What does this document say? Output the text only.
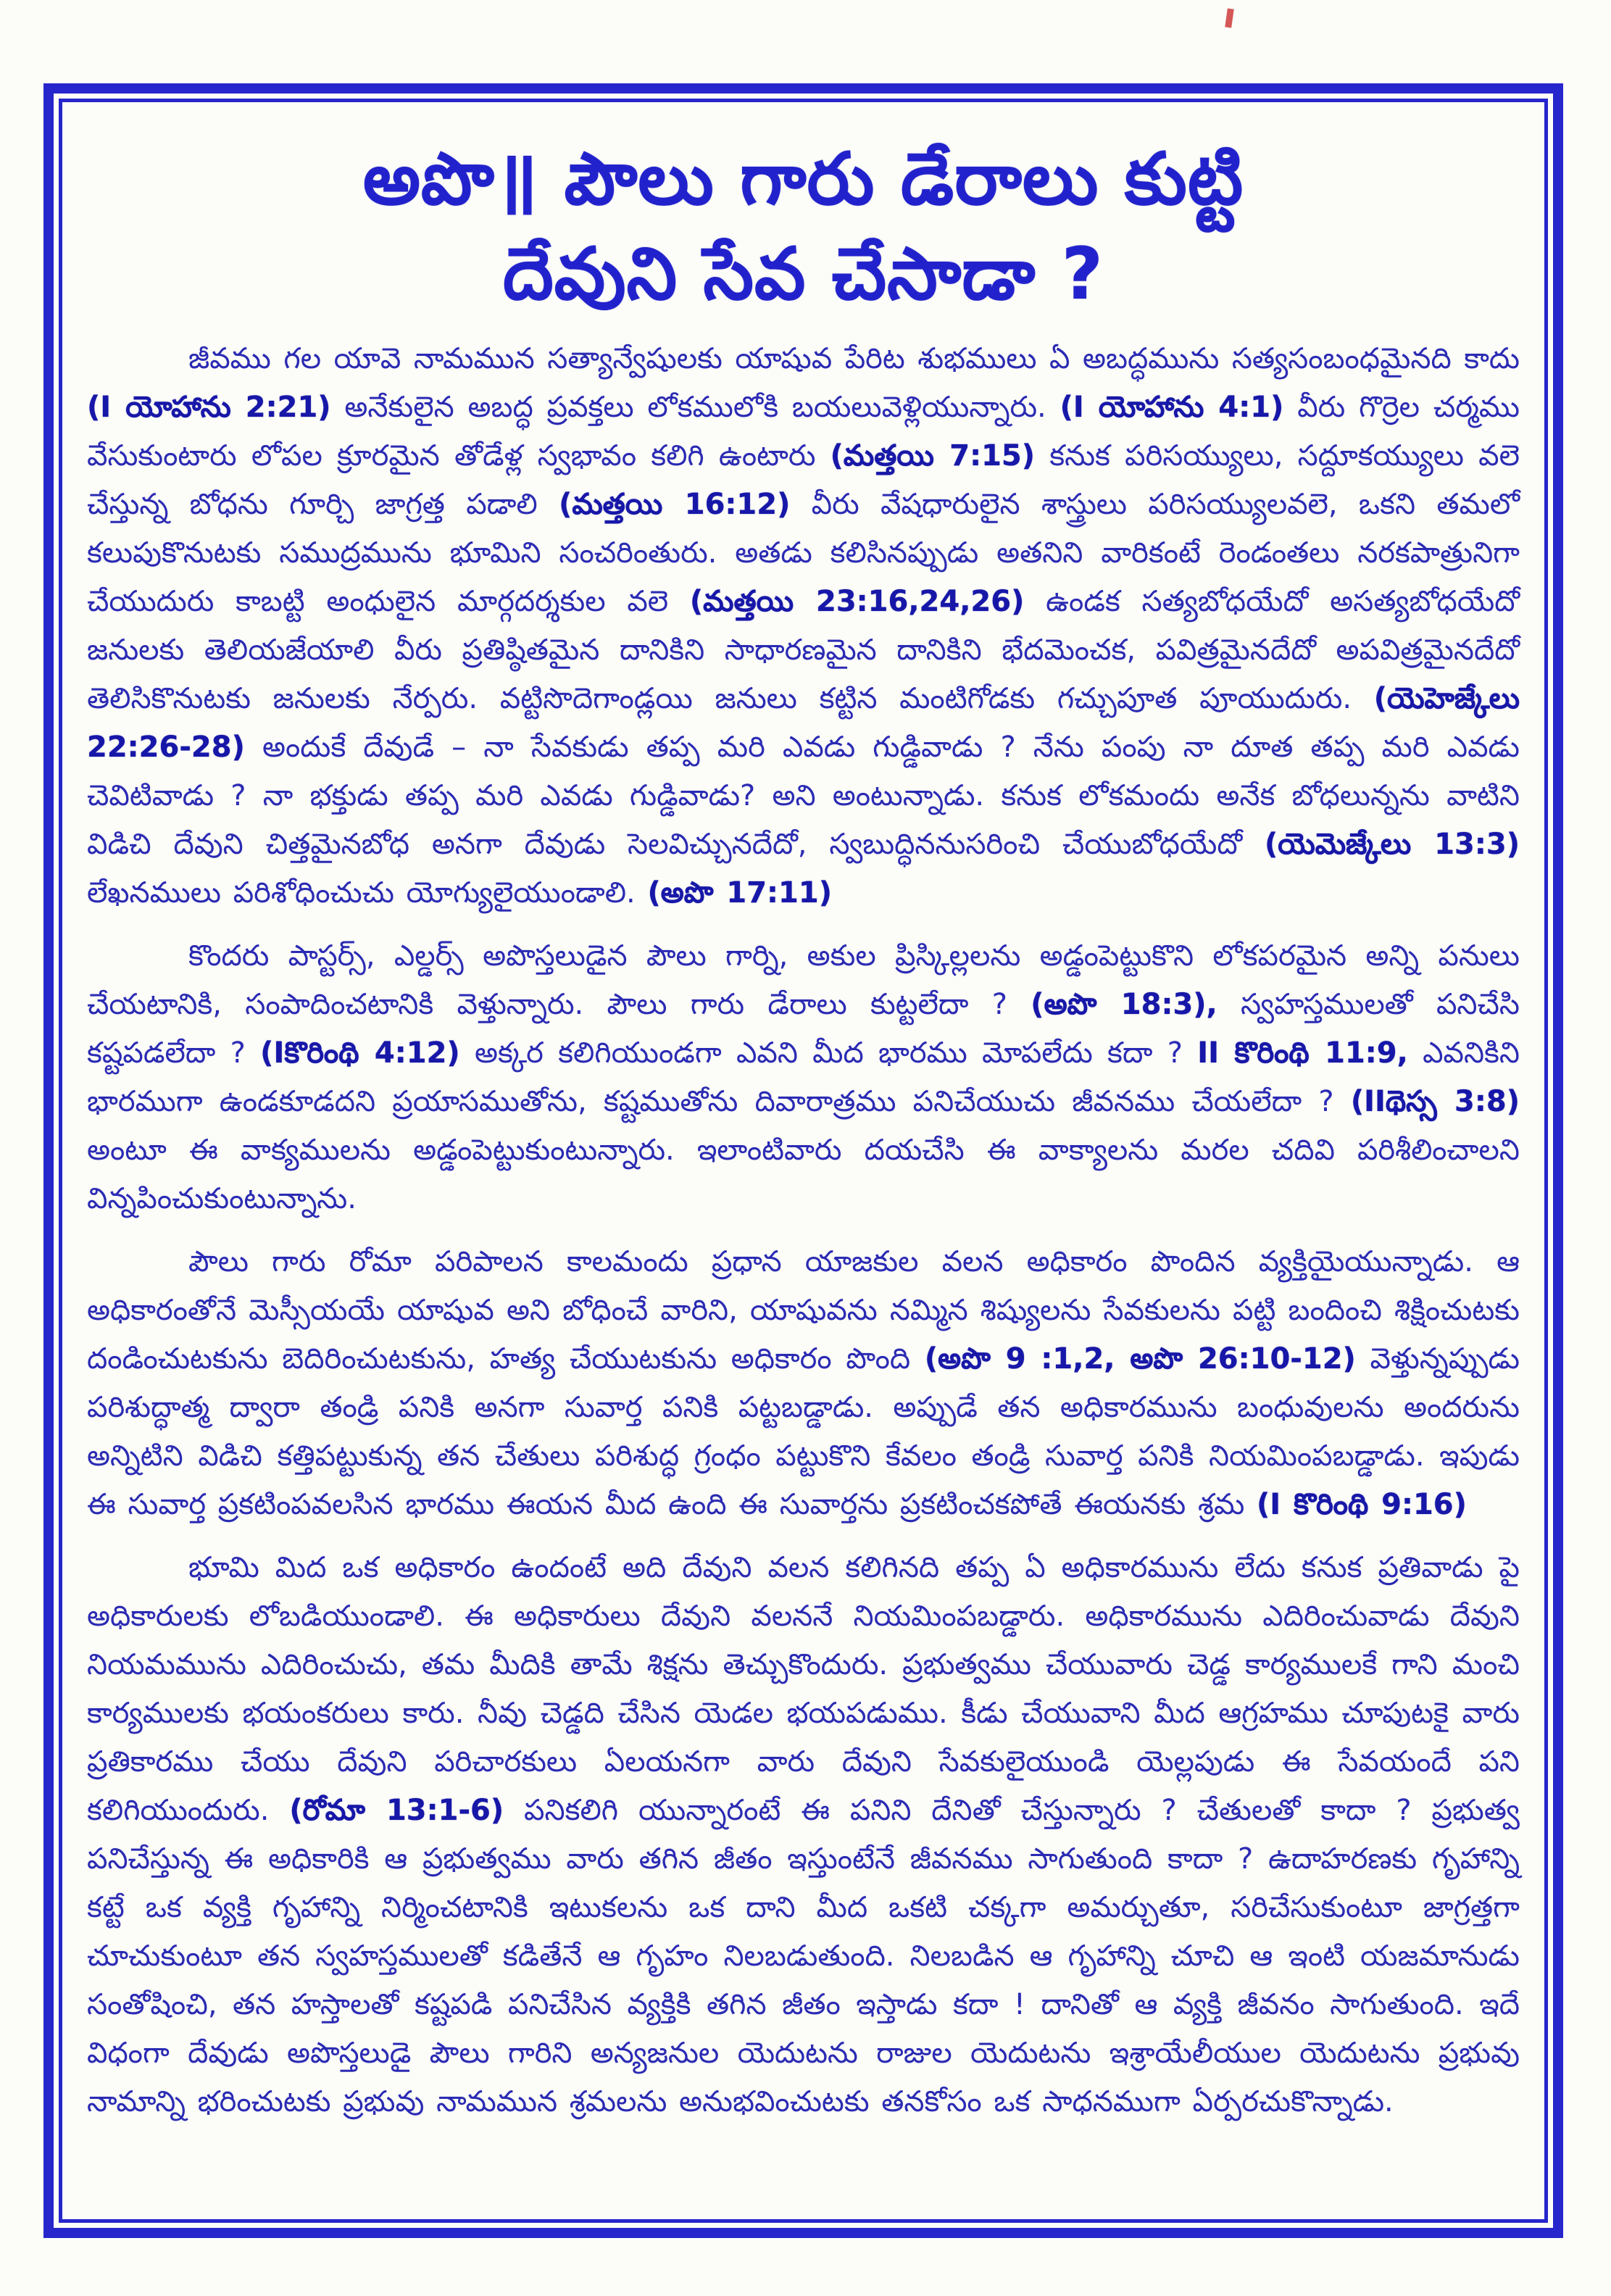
అపొ॥ పౌలు గారు డేరాలు కుట్టి
దేవుని సేవ చేసాడా ?

జీవము గల యావె నామమున సత్యాన్వేషులకు యాషువ పేరిట శుభములు ఏ అబద్ధమును సత్యసంబంధమైనది కాదు (I యోహాను 2:21) అనేకులైన అబద్ధ ప్రవక్తలు లోకములోకి బయలువెళ్లియున్నారు. (I యోహాను 4:1) వీరు గొర్రెల చర్మము వేసుకుంటారు లోపల క్రూరమైన తోడేళ్ల స్వభావం కలిగి ఉంటారు (మత్తయి 7:15) కనుక పరిసయ్యులు, సద్దూకయ్యులు వలె చేస్తున్న బోధను గూర్చి జాగ్రత్త పడాలి (మత్తయి 16:12) వీరు వేషధారులైన శాస్త్రులు పరిసయ్యులవలె, ఒకని తమలో కలుపుకొనుటకు సముద్రమును భూమిని సంచరింతురు. అతడు కలిసినప్పుడు అతనిని వారికంటే రెండంతలు నరకపాత్రునిగా చేయుదురు కాబట్టి అంధులైన మార్గదర్శకుల వలె (మత్తయి 23:16,24,26) ఉండక సత్యబోధయేదో అసత్యబోధయేదో జనులకు తెలియజేయాలి వీరు ప్రతిష్ఠితమైన దానికిని సాధారణమైన దానికిని భేదమెంచక, పవిత్రమైనదేదో అపవిత్రమైనదేదో తెలిసికొనుటకు జనులకు నేర్పరు. వట్టిసొదెగాండ్లయి జనులు కట్టిన మంటిగోడకు గచ్చుపూత పూయుదురు. (యెహెజ్కేలు 22:26-28) అందుకే దేవుడే – నా సేవకుడు తప్ప మరి ఎవడు గుడ్డివాడు ? నేను పంపు నా దూత తప్ప మరి ఎవడు చెవిటివాడు ? నా భక్తుడు తప్ప మరి ఎవడు గుడ్డివాడు? అని అంటున్నాడు. కనుక లోకమందు అనేక బోధలున్నను వాటిని విడిచి దేవుని చిత్తమైనబోధ అనగా దేవుడు సెలవిచ్చునదేదో, స్వబుద్ధిననుసరించి చేయుబోధయేదో (యెమెజ్కేలు 13:3) లేఖనములు పరిశోధించుచు యోగ్యులైయుండాలి. (అపొ 17:11)

కొందరు పాస్టర్స్, ఎల్డర్స్ అపొస్తలుడైన పౌలు గార్ని, అకుల ప్రిస్కిల్లలను అడ్డంపెట్టుకొని లోకపరమైన అన్ని పనులు చేయటానికి, సంపాదించటానికి వెళ్తున్నారు. పౌలు గారు డేరాలు కుట్టలేదా ? (అపొ 18:3), స్వహస్తములతో పనిచేసి కష్టపడలేదా ? (Iకొరింథి 4:12) అక్కర కలిగియుండగా ఎవని మీద భారము మోపలేదు కదా ? II కొరింథి 11:9, ఎవనికిని భారముగా ఉండకూడదని ప్రయాసముతోను, కష్టముతోను దివారాత్రము పనిచేయుచు జీవనము చేయలేదా ? (IIథెస్స 3:8) అంటూ ఈ వాక్యములను అడ్డంపెట్టుకుంటున్నారు. ఇలాంటివారు దయచేసి ఈ వాక్యాలను మరల చదివి పరిశీలించాలని విన్నపించుకుంటున్నాను.

పౌలు గారు రోమా పరిపాలన కాలమందు ప్రధాన యాజకుల వలన అధికారం పొందిన వ్యక్తియైయున్నాడు. ఆ అధికారంతోనే మెస్సీయయే యాషువ అని బోధించే వారిని, యాషువను నమ్మిన శిష్యులను సేవకులను పట్టి బందించి శిక్షించుటకు దండించుటకును బెదిరించుటకును, హత్య చేయుటకును అధికారం పొంది (అపొ 9 :1,2, అపొ 26:10-12) వెళ్తున్నప్పుడు పరిశుద్ధాత్మ ద్వారా తండ్రి పనికి అనగా సువార్త పనికి పట్టబడ్డాడు. అప్పుడే తన అధికారమును బంధువులను అందరును అన్నిటిని విడిచి కత్తిపట్టుకున్న తన చేతులు పరిశుద్ధ గ్రంధం పట్టుకొని కేవలం తండ్రి సువార్త పనికి నియమింపబడ్డాడు. ఇపుడు ఈ సువార్త ప్రకటింపవలసిన భారము ఈయన మీద ఉంది ఈ సువార్తను ప్రకటించకపోతే ఈయనకు శ్రమ (I కొరింథి 9:16)

భూమి మిద ఒక అధికారం ఉందంటే అది దేవుని వలన కలిగినది తప్ప ఏ అధికారమును లేదు కనుక ప్రతివాడు పై అధికారులకు లోబడియుండాలి. ఈ అధికారులు దేవుని వలననే నియమింపబడ్డారు. అధికారమును ఎదిరించువాడు దేవుని నియమమును ఎదిరించుచు, తమ మీదికి తామే శిక్షను తెచ్చుకొందురు. ప్రభుత్వము చేయువారు చెడ్డ కార్యములకే గాని మంచి కార్యములకు భయంకరులు కారు. నీవు చెడ్డది చేసిన యెడల భయపడుము. కీడు చేయువాని మీద ఆగ్రహము చూపుటకై వారు ప్రతికారము చేయు దేవుని పరిచారకులు ఏలయనగా వారు దేవుని సేవకులైయుండి యెల్లపుడు ఈ సేవయందే పని కలిగియుందురు. (రోమా 13:1-6) పనికలిగి యున్నారంటే ఈ పనిని దేనితో చేస్తున్నారు ? చేతులతో కాదా ? ప్రభుత్వ పనిచేస్తున్న ఈ అధికారికి ఆ ప్రభుత్వము వారు తగిన జీతం ఇస్తుంటేనే జీవనము సాగుతుంది కాదా ? ఉదాహరణకు గృహాన్ని కట్టే ఒక వ్యక్తి గృహాన్ని నిర్మించటానికి ఇటుకలను ఒక దాని మీద ఒకటి చక్కగా అమర్చుతూ, సరిచేసుకుంటూ జాగ్రత్తగా చూచుకుంటూ తన స్వహస్తములతో కడితేనే ఆ గృహం నిలబడుతుంది. నిలబడిన ఆ గృహాన్ని చూచి ఆ ఇంటి యజమానుడు సంతోషించి, తన హస్తాలతో కష్టపడి పనిచేసిన వ్యక్తికి తగిన జీతం ఇస్తాడు కదా ! దానితో ఆ వ్యక్తి జీవనం సాగుతుంది. ఇదే విధంగా దేవుడు అపొస్తలుడై పౌలు గారిని అన్యజనుల యెదుటను రాజుల యెదుటను ఇశ్రాయేలీయుల యెదుటను ప్రభువు నామాన్ని భరించుటకు ప్రభువు నామమున శ్రమలను అనుభవించుటకు తనకోసం ఒక సాధనముగా ఏర్పరచుకొన్నాడు.
